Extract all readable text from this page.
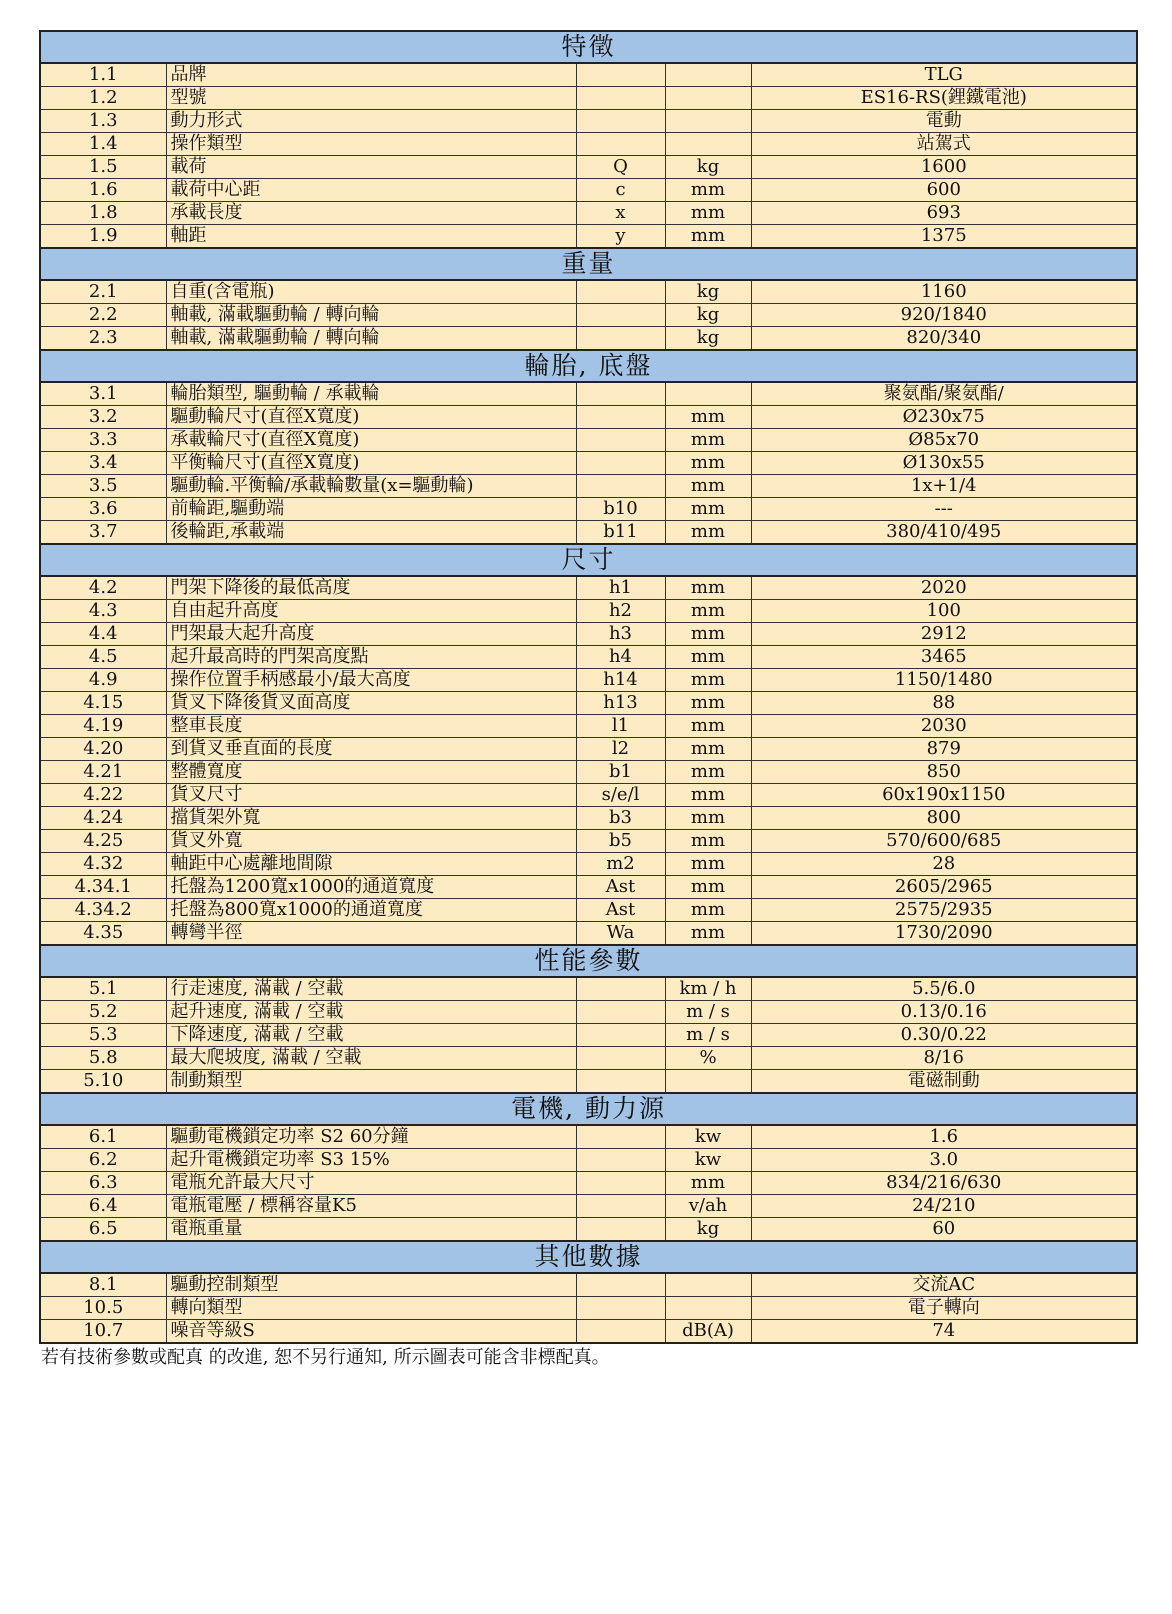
特徵				
1.1	品牌			TLG
1.2	型號			ES16-RS(鋰鐵電池)
1.3	動力形式			電動
1.4	操作類型			站駕式
1.5	載荷	Q	kg	1600
1.6	載荷中心距	c	mm	600
1.8	承載長度	x	mm	693
1.9	軸距	y	mm	1375
重量				
2.1	自重(含電瓶)		kg	1160
2.2	軸載, 滿載驅動輪 / 轉向輪		kg	920/1840
2.3	軸載, 滿載驅動輪 / 轉向輪		kg	820/340
輪胎, 底盤				
3.1	輪胎類型, 驅動輪 / 承載輪			聚氨酯/聚氨酯/
3.2	驅動輪尺寸(直徑X寬度)		mm	Ø230x75
3.3	承載輪尺寸(直徑X寬度)		mm	Ø85x70
3.4	平衡輪尺寸(直徑X寬度)		mm	Ø130x55
3.5	驅動輪.平衡輪/承載輪數量(x=驅動輪)		mm	1x+1/4
3.6	前輪距,驅動端	b10	mm	---
3.7	後輪距,承載端	b11	mm	380/410/495
尺寸				
4.2	門架下降後的最低高度	h1	mm	2020
4.3	自由起升高度	h2	mm	100
4.4	門架最大起升高度	h3	mm	2912
4.5	起升最高時的門架高度點	h4	mm	3465
4.9	操作位置手柄感最小/最大高度	h14	mm	1150/1480
4.15	貨叉下降後貨叉面高度	h13	mm	88
4.19	整車長度	l1	mm	2030
4.20	到貨叉垂直面的長度	l2	mm	879
4.21	整體寬度	b1	mm	850
4.22	貨叉尺寸	s/e/l	mm	60x190x1150
4.24	擋貨架外寬	b3	mm	800
4.25	貨叉外寬	b5	mm	570/600/685
4.32	軸距中心處離地間隙	m2	mm	28
4.34.1	托盤為1200寬x1000的通道寬度	Ast	mm	2605/2965
4.34.2	托盤為800寬x1000的通道寬度	Ast	mm	2575/2935
4.35	轉彎半徑	Wa	mm	1730/2090
性能參數				
5.1	行走速度, 滿載 / 空載		km / h	5.5/6.0
5.2	起升速度, 滿載 / 空載		m / s	0.13/0.16
5.3	下降速度, 滿載 / 空載		m / s	0.30/0.22
5.8	最大爬坡度, 滿載 / 空載		%	8/16
5.10	制動類型			電磁制動
電機, 動力源				
6.1	驅動電機鎖定功率 S2 60分鐘		kw	1.6
6.2	起升電機鎖定功率 S3 15%		kw	3.0
6.3	電瓶允許最大尺寸		mm	834/216/630
6.4	電瓶電壓 / 標稱容量K5		v/ah	24/210
6.5	電瓶重量		kg	60
其他數據				
8.1	驅動控制類型			交流AC
10.5	轉向類型			電子轉向
10.7	噪音等級S		dB(A)	74
若有技術參數或配真 的改進, 恕不另行通知, 所示圖表可能含非標配真。
